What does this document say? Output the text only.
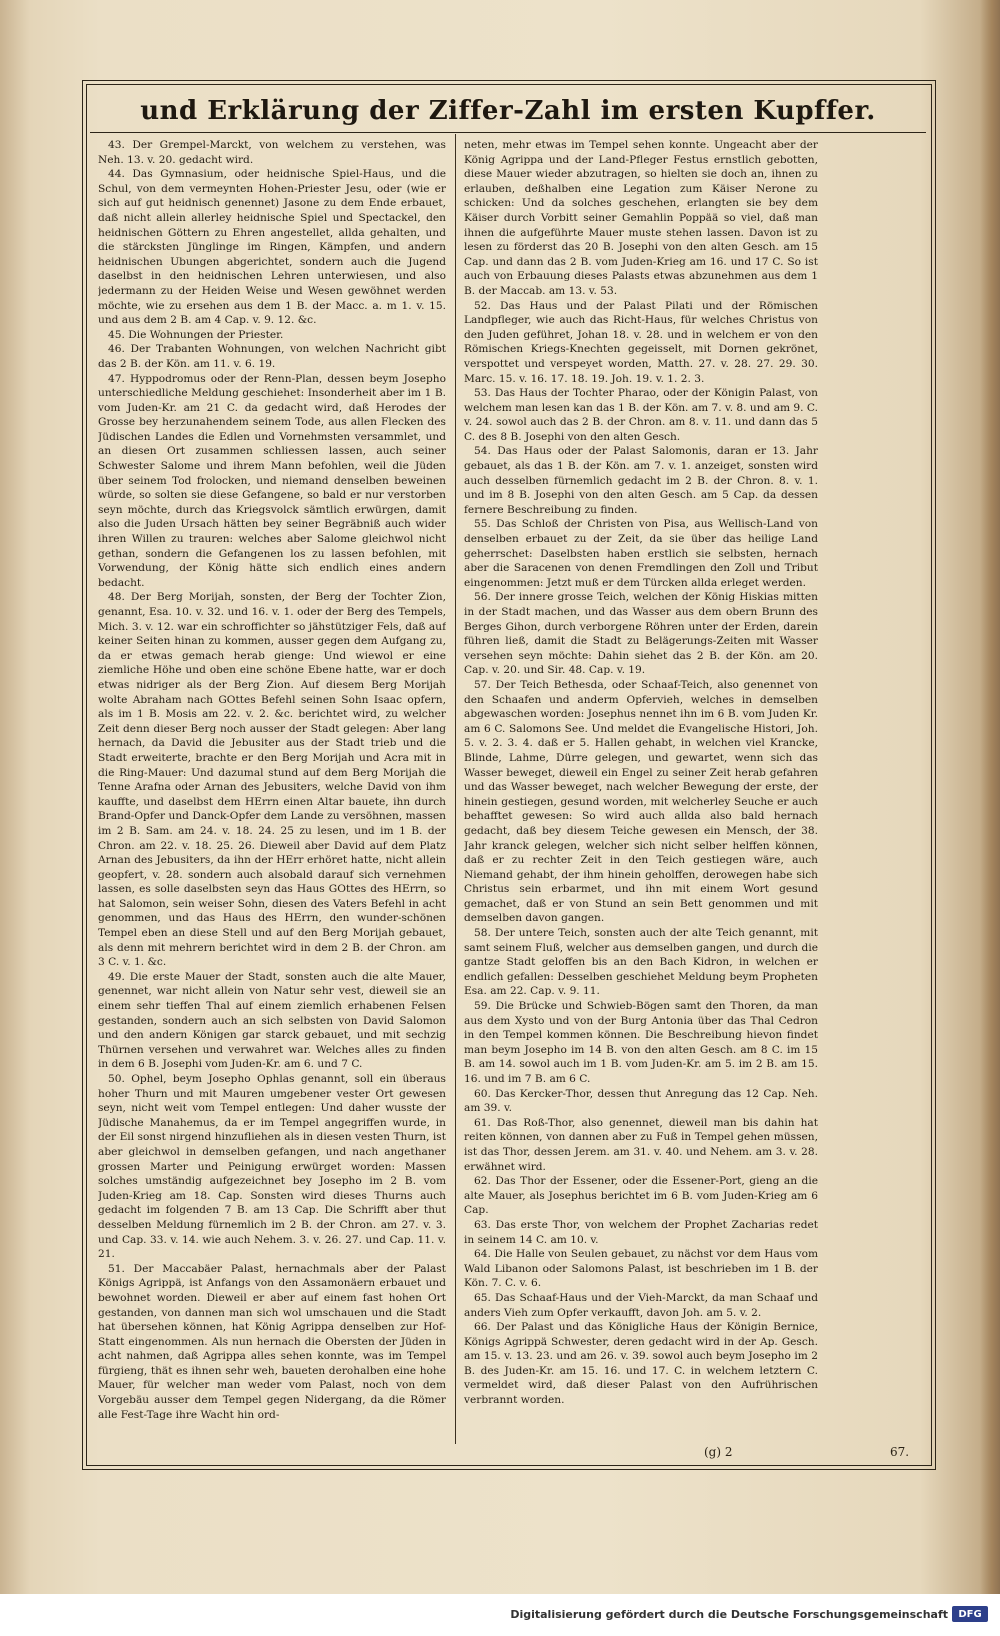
und Erklärung der Ziffer-Zahl im ersten Kupffer.

43. Der Grempel-Marckt, von welchem zu verstehen, was Neh. 13. v. 20. gedacht wird.

44. Das Gymnasium, oder heidnische Spiel-Haus, und die Schul, von dem vermeynten Hohen-Priester Jesu, oder (wie er sich auf gut heidnisch genennet) Jasone zu dem Ende erbauet, daß nicht allein allerley heidnische Spiel und Spectackel, den heidnischen Göttern zu Ehren angestellet, allda gehalten, und die stärcksten Jünglinge im Ringen, Kämpfen, und andern heidnischen Ubungen abgerichtet, sondern auch die Jugend daselbst in den heidnischen Lehren unterwiesen, und also jedermann zu der Heiden Weise und Wesen gewöhnet werden möchte, wie zu ersehen aus dem 1 B. der Macc. a. m 1. v. 15. und aus dem 2 B. am 4 Cap. v. 9. 12. &c.

45. Die Wohnungen der Priester.

46. Der Trabanten Wohnungen, von welchen Nachricht gibt das 2 B. der Kön. am 11. v. 6. 19.

47. Hyppodromus oder der Renn-Plan, dessen beym Josepho unterschiedliche Meldung geschiehet: Insonderheit aber im 1 B. vom Juden-Kr. am 21 C. da gedacht wird, daß Herodes der Grosse bey herzunahendem seinem Tode, aus allen Flecken des Jüdischen Landes die Edlen und Vornehmsten versammlet, und an diesen Ort zusammen schliessen lassen, auch seiner Schwester Salome und ihrem Mann befohlen, weil die Jüden über seinem Tod frolocken, und niemand denselben beweinen würde, so solten sie diese Gefangene, so bald er nur verstorben seyn möchte, durch das Kriegsvolck sämtlich erwürgen, damit also die Juden Ursach hätten bey seiner Begräbniß auch wider ihren Willen zu trauren: welches aber Salome gleichwol nicht gethan, sondern die Gefangenen los zu lassen befohlen, mit Vorwendung, der König hätte sich endlich eines andern bedacht.

48. Der Berg Morijah, sonsten, der Berg der Tochter Zion, genannt, Esa. 10. v. 32. und 16. v. 1. oder der Berg des Tempels, Mich. 3. v. 12. war ein schroffichter so jähstütziger Fels, daß auf keiner Seiten hinan zu kommen, ausser gegen dem Aufgang zu, da er etwas gemach herab gienge: Und wiewol er eine ziemliche Höhe und oben eine schöne Ebene hatte, war er doch etwas nidriger als der Berg Zion. Auf diesem Berg Morijah wolte Abraham nach GOttes Befehl seinen Sohn Isaac opfern, als im 1 B. Mosis am 22. v. 2. &c. berichtet wird, zu welcher Zeit denn dieser Berg noch ausser der Stadt gelegen: Aber lang hernach, da David die Jebusiter aus der Stadt trieb und die Stadt erweiterte, brachte er den Berg Morijah und Acra mit in die Ring-Mauer: Und dazumal stund auf dem Berg Morijah die Tenne Arafna oder Arnan des Jebusiters, welche David von ihm kauffte, und daselbst dem HErrn einen Altar bauete, ihn durch Brand-Opfer und Danck-Opfer dem Lande zu versöhnen, massen im 2 B. Sam. am 24. v. 18. 24. 25 zu lesen, und im 1 B. der Chron. am 22. v. 18. 25. 26. Dieweil aber David auf dem Platz Arnan des Jebusiters, da ihn der HErr erhöret hatte, nicht allein geopfert, v. 28. sondern auch alsobald darauf sich vernehmen lassen, es solle daselbsten seyn das Haus GOttes des HErrn, so hat Salomon, sein weiser Sohn, diesen des Vaters Befehl in acht genommen, und das Haus des HErrn, den wunder-schönen Tempel eben an diese Stell und auf den Berg Morijah gebauet, als denn mit mehrern berichtet wird in dem 2 B. der Chron. am 3 C. v. 1. &c.

49. Die erste Mauer der Stadt, sonsten auch die alte Mauer, genennet, war nicht allein von Natur sehr vest, dieweil sie an einem sehr tieffen Thal auf einem ziemlich erhabenen Felsen gestanden, sondern auch an sich selbsten von David Salomon und den andern Königen gar starck gebauet, und mit sechzig Thürnen versehen und verwahret war. Welches alles zu finden in dem 6 B. Josephi vom Juden-Kr. am 6. und 7 C.

50. Ophel, beym Josepho Ophlas genannt, soll ein überaus hoher Thurn und mit Mauren umgebener vester Ort gewesen seyn, nicht weit vom Tempel entlegen: Und daher wusste der Jüdische Manahemus, da er im Tempel angegriffen wurde, in der Eil sonst nirgend hinzufliehen als in diesen vesten Thurn, ist aber gleichwol in demselben gefangen, und nach angethaner grossen Marter und Peinigung erwürget worden: Massen solches umständig aufgezeichnet bey Josepho im 2 B. vom Juden-Krieg am 18. Cap. Sonsten wird dieses Thurns auch gedacht im folgenden 7 B. am 13 Cap. Die Schrifft aber thut desselben Meldung fürnemlich im 2 B. der Chron. am 27. v. 3. und Cap. 33. v. 14. wie auch Nehem. 3. v. 26. 27. und Cap. 11. v. 21.

51. Der Maccabäer Palast, hernachmals aber der Palast Königs Agrippä, ist Anfangs von den Assamonäern erbauet und bewohnet worden. Dieweil er aber auf einem fast hohen Ort gestanden, von dannen man sich wol umschauen und die Stadt hat übersehen können, hat König Agrippa denselben zur Hof-Statt eingenommen. Als nun hernach die Obersten der Jüden in acht nahmen, daß Agrippa alles sehen konnte, was im Tempel fürgieng, thät es ihnen sehr weh, baueten derohalben eine hohe Mauer, für welcher man weder vom Palast, noch von dem Vorgebäu ausser dem Tempel gegen Nidergang, da die Römer alle Fest-Tage ihre Wacht hin ord-

neten, mehr etwas im Tempel sehen konnte. Ungeacht aber der König Agrippa und der Land-Pfleger Festus ernstlich gebotten, diese Mauer wieder abzutragen, so hielten sie doch an, ihnen zu erlauben, deßhalben eine Legation zum Käiser Nerone zu schicken: Und da solches geschehen, erlangten sie bey dem Käiser durch Vorbitt seiner Gemahlin Poppää so viel, daß man ihnen die aufgeführte Mauer muste stehen lassen. Davon ist zu lesen zu förderst das 20 B. Josephi von den alten Gesch. am 15 Cap. und dann das 2 B. vom Juden-Krieg am 16. und 17 C. So ist auch von Erbauung dieses Palasts etwas abzunehmen aus dem 1 B. der Maccab. am 13. v. 53.

52. Das Haus und der Palast Pilati und der Römischen Landpfleger, wie auch das Richt-Haus, für welches Christus von den Juden geführet, Johan 18. v. 28. und in welchem er von den Römischen Kriegs-Knechten gegeisselt, mit Dornen gekrönet, verspottet und verspeyet worden, Matth. 27. v. 28. 27. 29. 30. Marc. 15. v. 16. 17. 18. 19. Joh. 19. v. 1. 2. 3.

53. Das Haus der Tochter Pharao, oder der Königin Palast, von welchem man lesen kan das 1 B. der Kön. am 7. v. 8. und am 9. C. v. 24. sowol auch das 2 B. der Chron. am 8. v. 11. und dann das 5 C. des 8 B. Josephi von den alten Gesch.

54. Das Haus oder der Palast Salomonis, daran er 13. Jahr gebauet, als das 1 B. der Kön. am 7. v. 1. anzeiget, sonsten wird auch desselben fürnemlich gedacht im 2 B. der Chron. 8. v. 1. und im 8 B. Josephi von den alten Gesch. am 5 Cap. da dessen fernere Beschreibung zu finden.

55. Das Schloß der Christen von Pisa, aus Wellisch-Land von denselben erbauet zu der Zeit, da sie über das heilige Land geherrschet: Daselbsten haben erstlich sie selbsten, hernach aber die Saracenen von denen Fremdlingen den Zoll und Tribut eingenommen: Jetzt muß er dem Türcken allda erleget werden.

56. Der innere grosse Teich, welchen der König Hiskias mitten in der Stadt machen, und das Wasser aus dem obern Brunn des Berges Gihon, durch verborgene Röhren unter der Erden, darein führen ließ, damit die Stadt zu Belägerungs-Zeiten mit Wasser versehen seyn möchte: Dahin siehet das 2 B. der Kön. am 20. Cap. v. 20. und Sir. 48. Cap. v. 19.

57. Der Teich Bethesda, oder Schaaf-Teich, also genennet von den Schaafen und anderm Opfervieh, welches in demselben abgewaschen worden: Josephus nennet ihn im 6 B. vom Juden Kr. am 6 C. Salomons See. Und meldet die Evangelische Histori, Joh. 5. v. 2. 3. 4. daß er 5. Hallen gehabt, in welchen viel Krancke, Blinde, Lahme, Dürre gelegen, und gewartet, wenn sich das Wasser beweget, dieweil ein Engel zu seiner Zeit herab gefahren und das Wasser beweget, nach welcher Bewegung der erste, der hinein gestiegen, gesund worden, mit welcherley Seuche er auch behafftet gewesen: So wird auch allda also bald hernach gedacht, daß bey diesem Teiche gewesen ein Mensch, der 38. Jahr kranck gelegen, welcher sich nicht selber helffen können, daß er zu rechter Zeit in den Teich gestiegen wäre, auch Niemand gehabt, der ihm hinein geholffen, derowegen habe sich Christus sein erbarmet, und ihn mit einem Wort gesund gemachet, daß er von Stund an sein Bett genommen und mit demselben davon gangen.

58. Der untere Teich, sonsten auch der alte Teich genannt, mit samt seinem Fluß, welcher aus demselben gangen, und durch die gantze Stadt geloffen bis an den Bach Kidron, in welchen er endlich gefallen: Desselben geschiehet Meldung beym Propheten Esa. am 22. Cap. v. 9. 11.

59. Die Brücke und Schwieb-Bögen samt den Thoren, da man aus dem Xysto und von der Burg Antonia über das Thal Cedron in den Tempel kommen können. Die Beschreibung hievon findet man beym Josepho im 14 B. von den alten Gesch. am 8 C. im 15 B. am 14. sowol auch im 1 B. vom Juden-Kr. am 5. im 2 B. am 15. 16. und im 7 B. am 6 C.

60. Das Kercker-Thor, dessen thut Anregung das 12 Cap. Neh. am 39. v.

61. Das Roß-Thor, also genennet, dieweil man bis dahin hat reiten können, von dannen aber zu Fuß in Tempel gehen müssen, ist das Thor, dessen Jerem. am 31. v. 40. und Nehem. am 3. v. 28. erwähnet wird.

62. Das Thor der Essener, oder die Essener-Port, gieng an die alte Mauer, als Josephus berichtet im 6 B. vom Juden-Krieg am 6 Cap.

63. Das erste Thor, von welchem der Prophet Zacharias redet in seinem 14 C. am 10. v.

64. Die Halle von Seulen gebauet, zu nächst vor dem Haus vom Wald Libanon oder Salomons Palast, ist beschrieben im 1 B. der Kön. 7. C. v. 6.

65. Das Schaaf-Haus und der Vieh-Marckt, da man Schaaf und anders Vieh zum Opfer verkaufft, davon Joh. am 5. v. 2.

66. Der Palast und das Königliche Haus der Königin Bernice, Königs Agrippä Schwester, deren gedacht wird in der Ap. Gesch. am 15. v. 13. 23. und am 26. v. 39. sowol auch beym Josepho im 2 B. des Juden-Kr. am 15. 16. und 17. C. in welchem letztern C. vermeldet wird, daß dieser Palast von den Aufrührischen verbrannt worden.

(g) 2	67.
Digitalisierung gefördert durch die Deutsche Forschungsgemeinschaft	DFG
